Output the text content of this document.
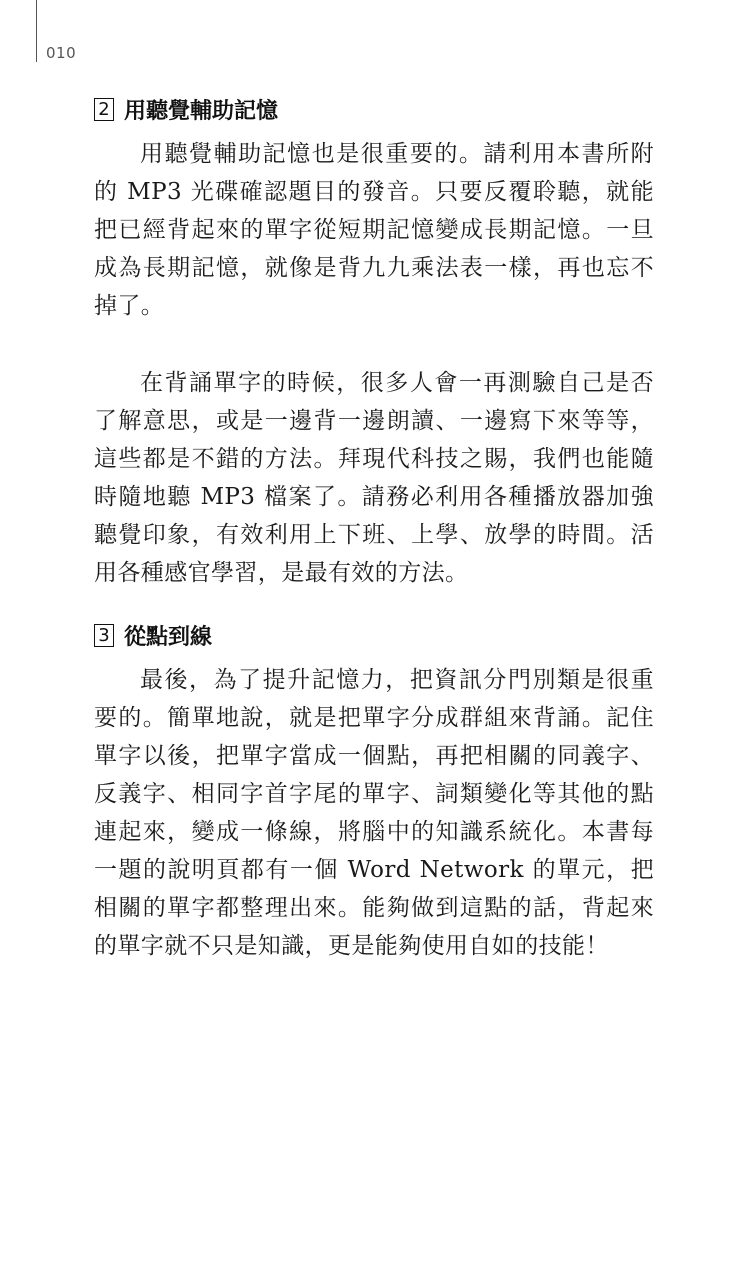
010
2 用聽覺輔助記憶

用聽覺輔助記憶也是很重要的。請利用本書所附的 MP3 光碟確認題目的發音。只要反覆聆聽，就能把已經背起來的單字從短期記憶變成長期記憶。一旦成為長期記憶，就像是背九九乘法表一樣，再也忘不掉了。

在背誦單字的時候，很多人會一再測驗自己是否了解意思，或是一邊背一邊朗讀、一邊寫下來等等，這些都是不錯的方法。拜現代科技之賜，我們也能隨時隨地聽 MP3 檔案了。請務必利用各種播放器加強聽覺印象，有效利用上下班、上學、放學的時間。活用各種感官學習，是最有效的方法。

3 從點到線

最後，為了提升記憶力，把資訊分門別類是很重要的。簡單地說，就是把單字分成群組來背誦。記住單字以後，把單字當成一個點，再把相關的同義字、反義字、相同字首字尾的單字、詞類變化等其他的點連起來，變成一條線，將腦中的知識系統化。本書每一題的說明頁都有一個 Word Network 的單元，把相關的單字都整理出來。能夠做到這點的話，背起來的單字就不只是知識，更是能夠使用自如的技能！
